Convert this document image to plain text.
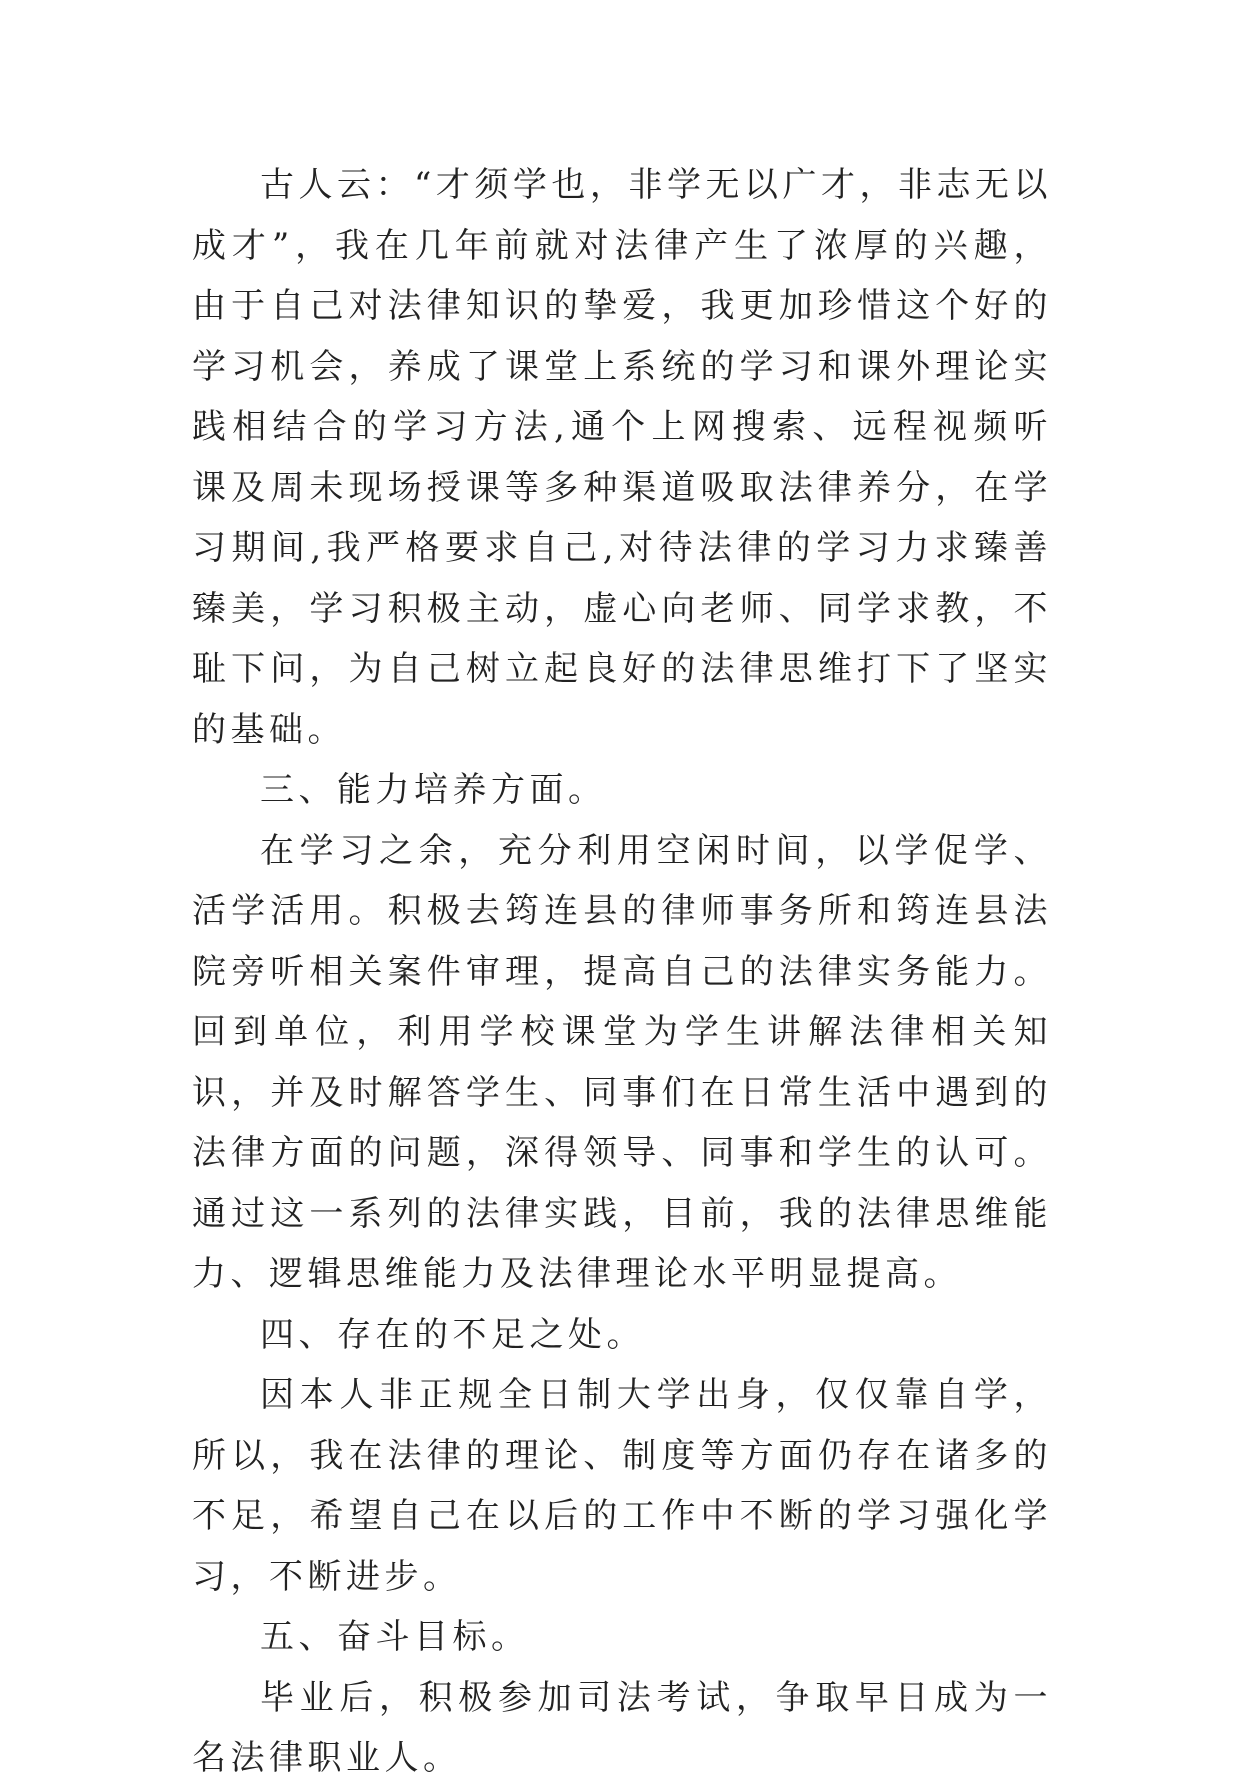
古人云：“才须学也，非学无以广才，非志无以成才”，我在几年前就对法律产生了浓厚的兴趣，由于自己对法律知识的挚爱，我更加珍惜这个好的学习机会，养成了课堂上系统的学习和课外理论实践相结合的学习方法,通个上网搜索、远程视频听课及周未现场授课等多种渠道吸取法律养分，在学习期间,我严格要求自己,对待法律的学习力求臻善臻美，学习积极主动，虚心向老师、同学求教，不耻下问，为自己树立起良好的法律思维打下了坚实的基础。

三、能力培养方面。

在学习之余，充分利用空闲时间，以学促学、活学活用。积极去筠连县的律师事务所和筠连县法院旁听相关案件审理，提高自己的法律实务能力。回到单位，利用学校课堂为学生讲解法律相关知识，并及时解答学生、同事们在日常生活中遇到的法律方面的问题，深得领导、同事和学生的认可。通过这一系列的法律实践，目前，我的法律思维能力、逻辑思维能力及法律理论水平明显提高。

四、存在的不足之处。

因本人非正规全日制大学出身，仅仅靠自学，所以，我在法律的理论、制度等方面仍存在诸多的不足，希望自己在以后的工作中不断的学习强化学习，不断进步。

五、奋斗目标。

毕业后，积极参加司法考试，争取早日成为一名法律职业人。
